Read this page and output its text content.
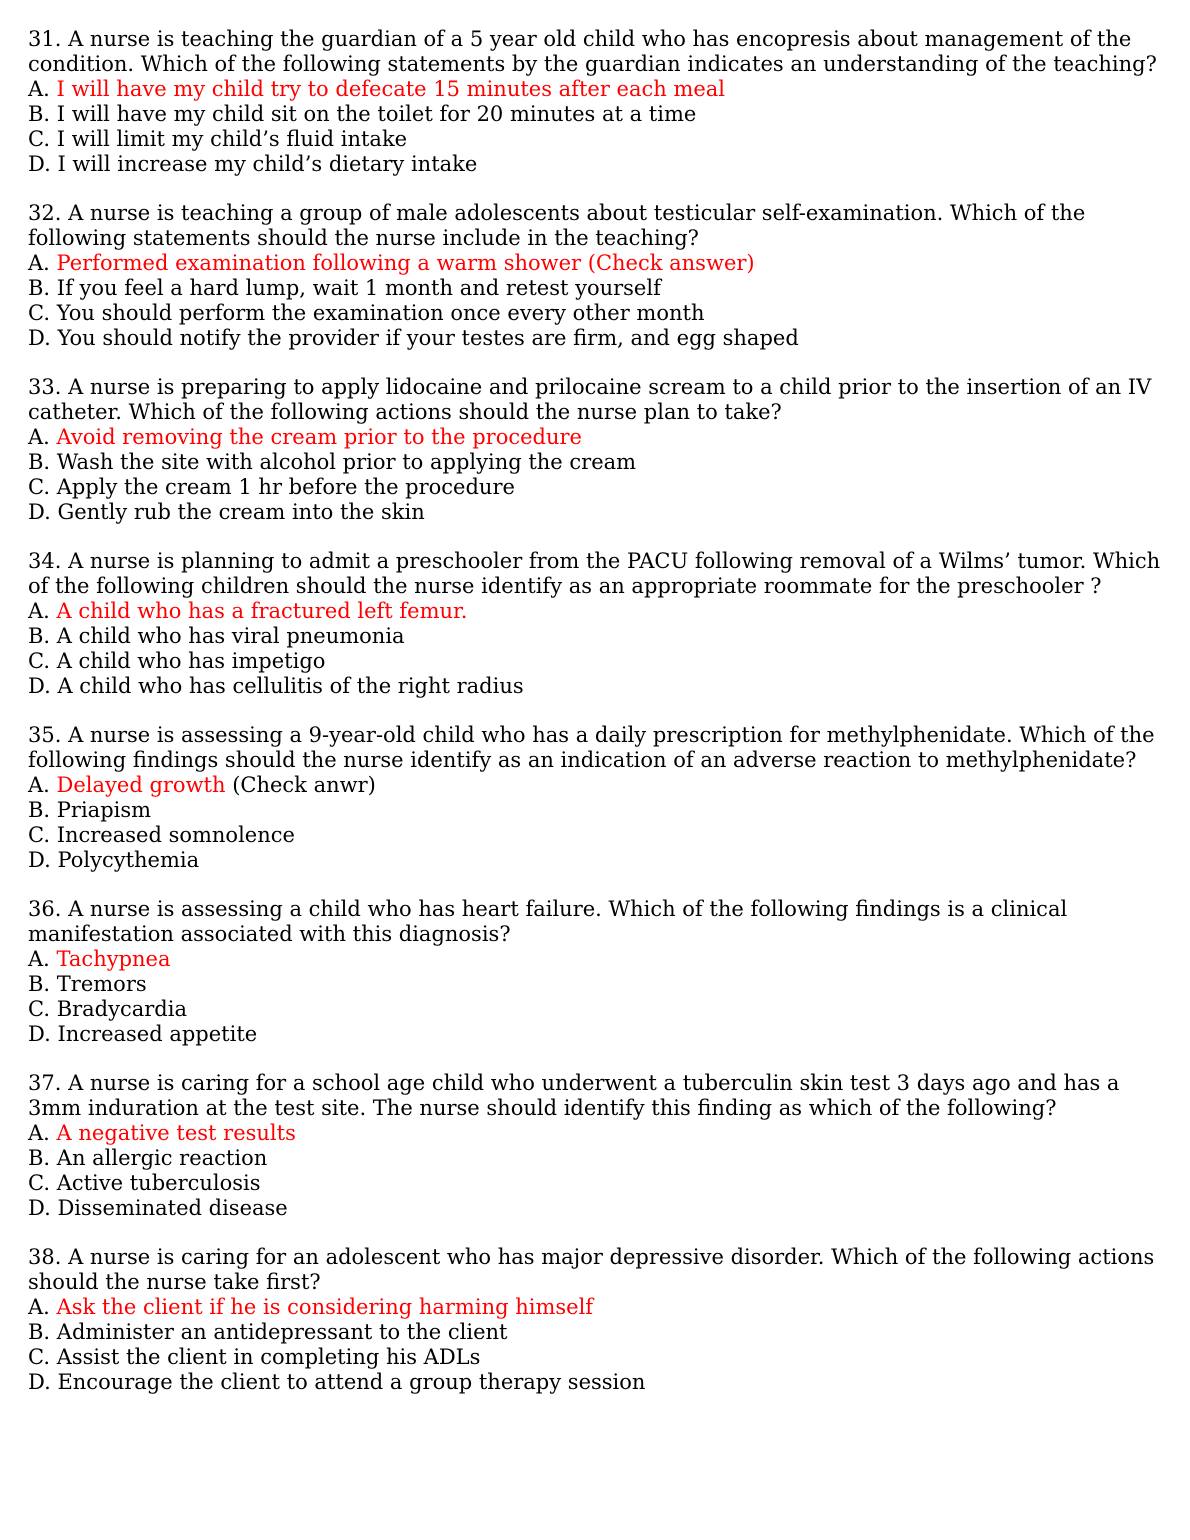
31. A nurse is teaching the guardian of a 5 year old child who has encopresis about management of the condition. Which of the following statements by the guardian indicates an understanding of the teaching?
A. I will have my child try to defecate 15 minutes after each meal
B. I will have my child sit on the toilet for 20 minutes at a time
C. I will limit my child’s fluid intake
D. I will increase my child’s dietary intake
32. A nurse is teaching a group of male adolescents about testicular self-examination. Which of the following statements should the nurse include in the teaching?
A. Performed examination following a warm shower (Check answer)
B. If you feel a hard lump, wait 1 month and retest yourself
C. You should perform the examination once every other month
D. You should notify the provider if your testes are firm, and egg shaped
33. A nurse is preparing to apply lidocaine and prilocaine scream to a child prior to the insertion of an IV catheter. Which of the following actions should the nurse plan to take?
A. Avoid removing the cream prior to the procedure
B. Wash the site with alcohol prior to applying the cream
C. Apply the cream 1 hr before the procedure
D. Gently rub the cream into the skin
34. A nurse is planning to admit a preschooler from the PACU following removal of a Wilms’ tumor. Which of the following children should the nurse identify as an appropriate roommate for the preschooler ?
A. A child who has a fractured left femur.
B. A child who has viral pneumonia
C. A child who has impetigo
D. A child who has cellulitis of the right radius
35. A nurse is assessing a 9-year-old child who has a daily prescription for methylphenidate. Which of the following findings should the nurse identify as an indication of an adverse reaction to methylphenidate?
A. Delayed growth (Check anwr)
B. Priapism
C. Increased somnolence
D. Polycythemia
36. A nurse is assessing a child who has heart failure. Which of the following findings is a clinical manifestation associated with this diagnosis?
A. Tachypnea
B. Tremors
C. Bradycardia
D. Increased appetite
37. A nurse is caring for a school age child who underwent a tuberculin skin test 3 days ago and has a 3mm induration at the test site. The nurse should identify this finding as which of the following?
A. A negative test results
B. An allergic reaction
C. Active tuberculosis
D. Disseminated disease
38. A nurse is caring for an adolescent who has major depressive disorder. Which of the following actions should the nurse take first?
A. Ask the client if he is considering harming himself
B. Administer an antidepressant to the client
C. Assist the client in completing his ADLs
D. Encourage the client to attend a group therapy session
